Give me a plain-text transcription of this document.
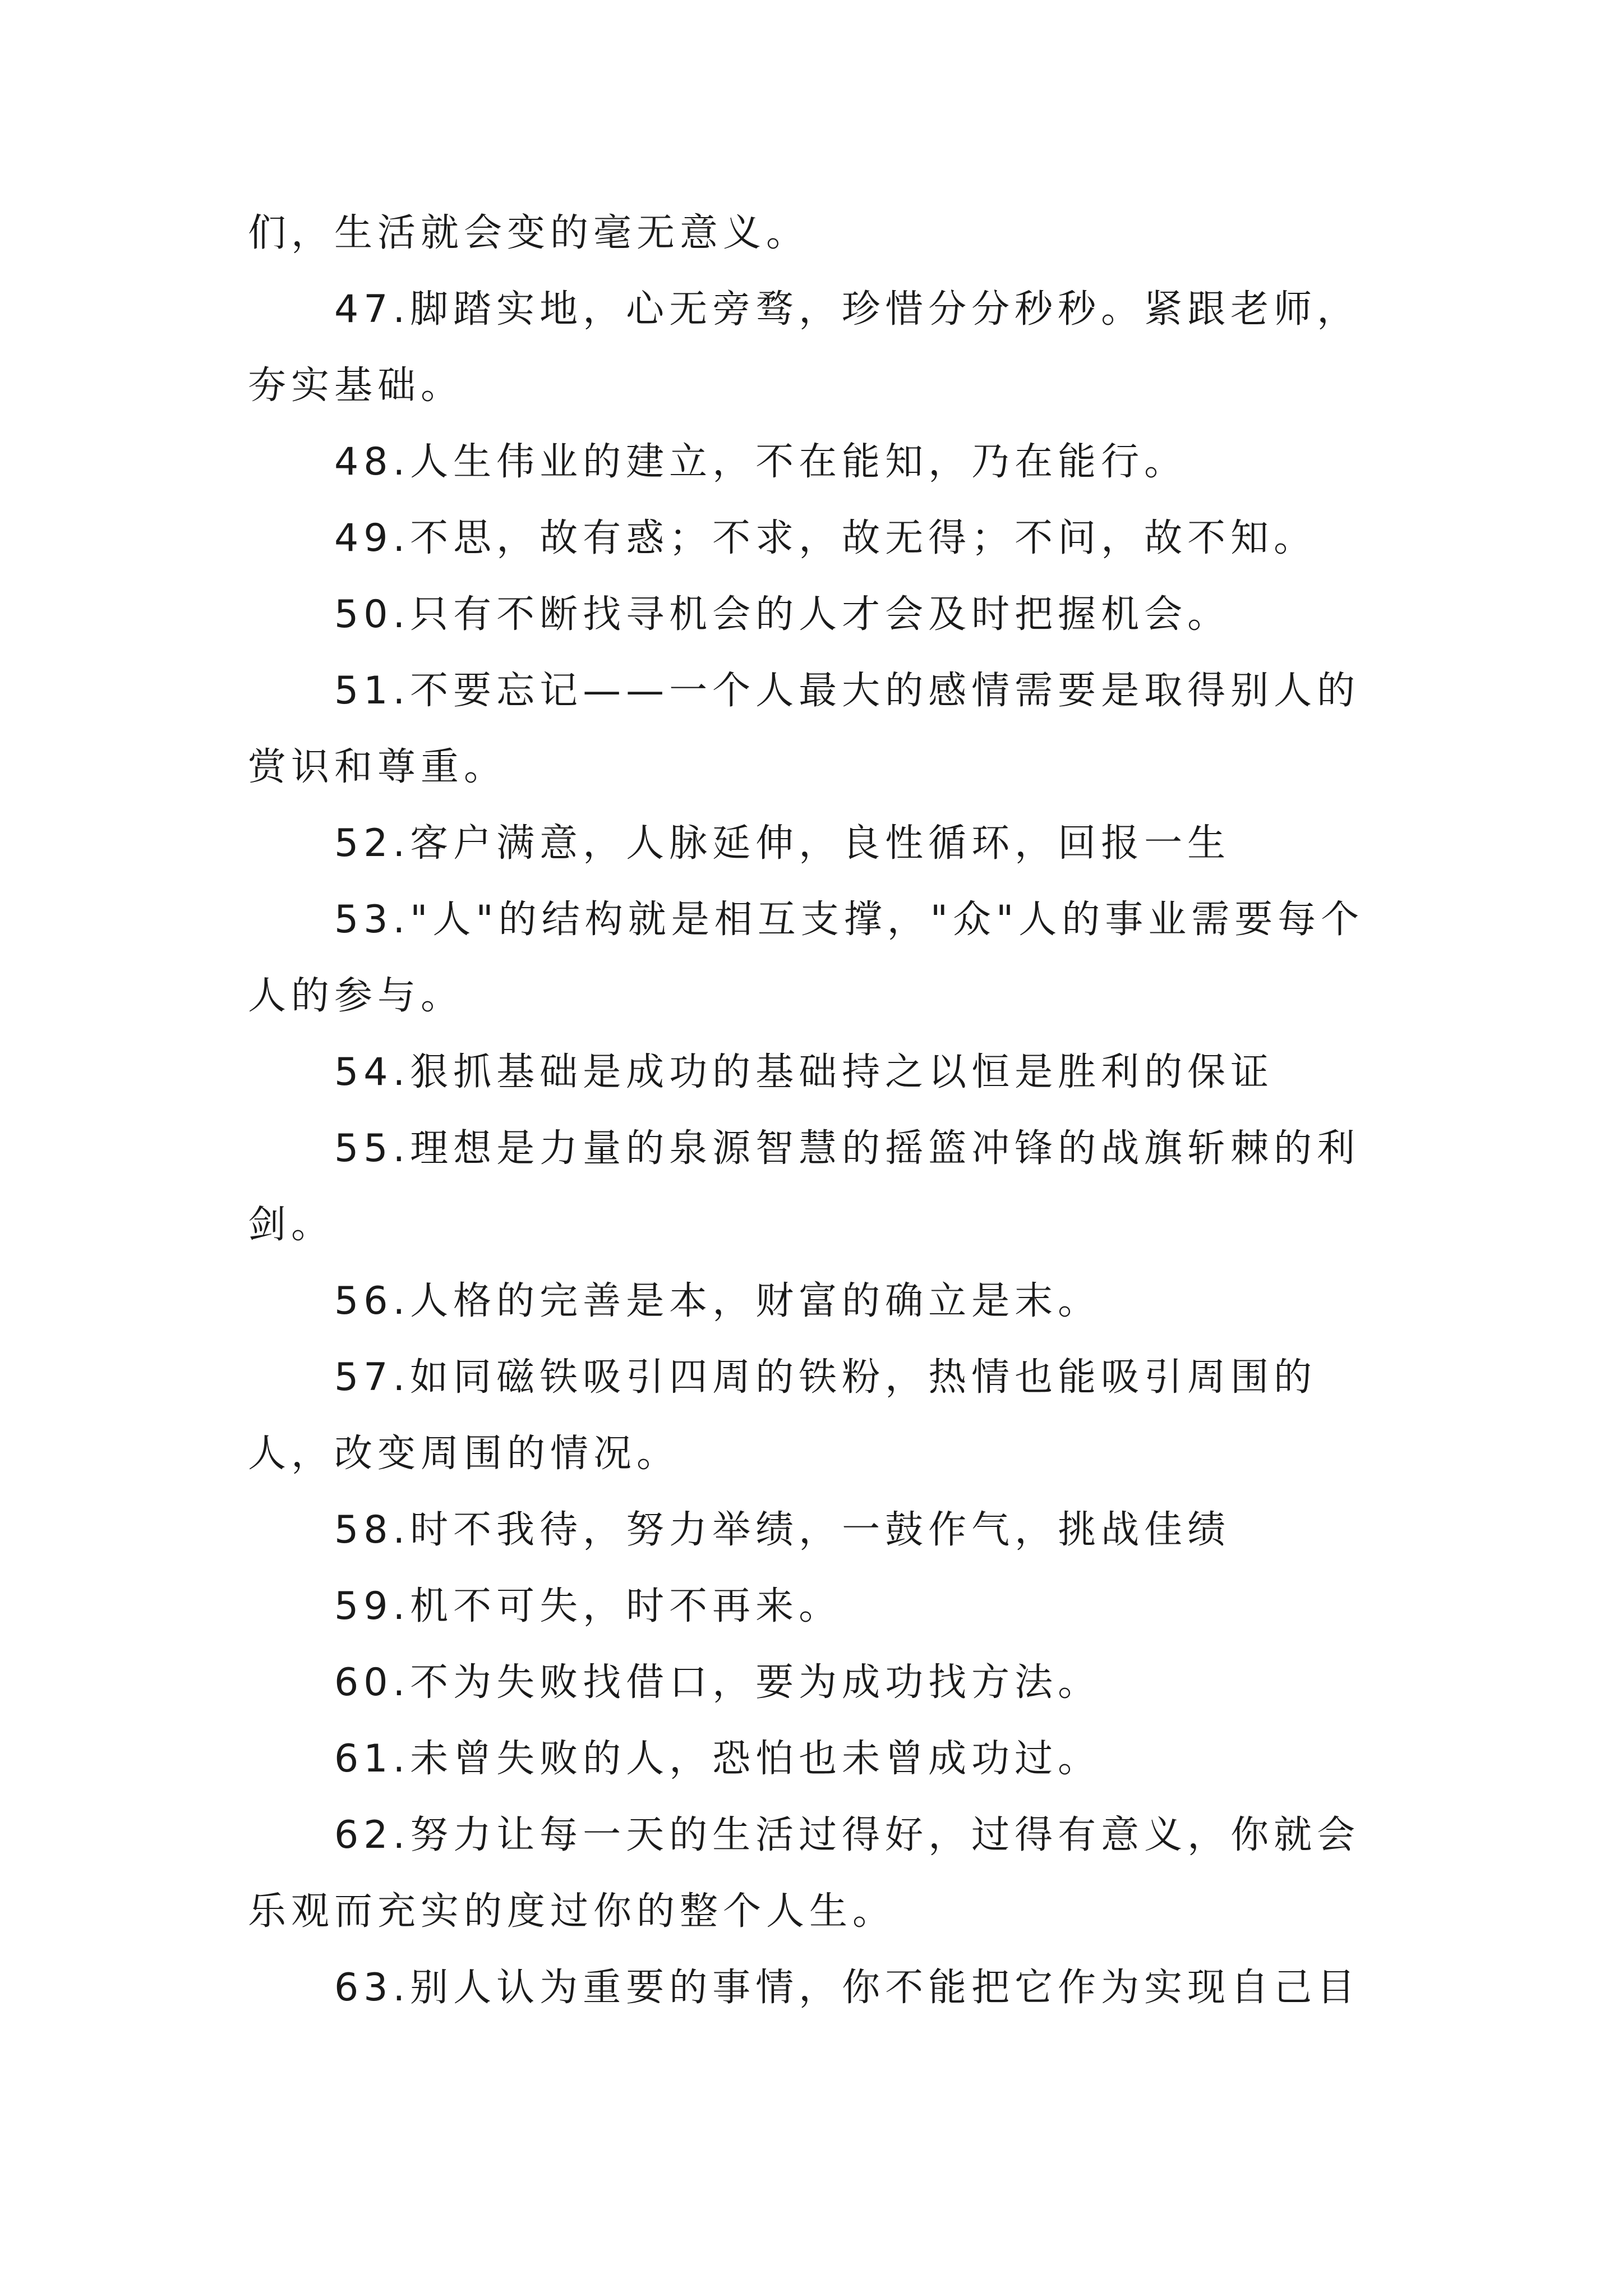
们，生活就会变的毫无意义。

47.脚踏实地，心无旁骛，珍惜分分秒秒。紧跟老师，夯实基础。

48.人生伟业的建立，不在能知，乃在能行。

49.不思，故有惑；不求，故无得；不问，故不知。

50.只有不断找寻机会的人才会及时把握机会。

51.不要忘记——一个人最大的感情需要是取得别人的赏识和尊重。

52.客户满意，人脉延伸，良性循环，回报一生

53."人"的结构就是相互支撑，"众"人的事业需要每个人的参与。

54.狠抓基础是成功的基础持之以恒是胜利的保证

55.理想是力量的泉源智慧的摇篮冲锋的战旗斩棘的利剑。

56.人格的完善是本，财富的确立是末。

57.如同磁铁吸引四周的铁粉，热情也能吸引周围的人，改变周围的情况。

58.时不我待，努力举绩，一鼓作气，挑战佳绩

59.机不可失，时不再来。

60.不为失败找借口，要为成功找方法。

61.未曾失败的人，恐怕也未曾成功过。

62.努力让每一天的生活过得好，过得有意义，你就会乐观而充实的度过你的整个人生。

63.别人认为重要的事情，你不能把它作为实现自己目
